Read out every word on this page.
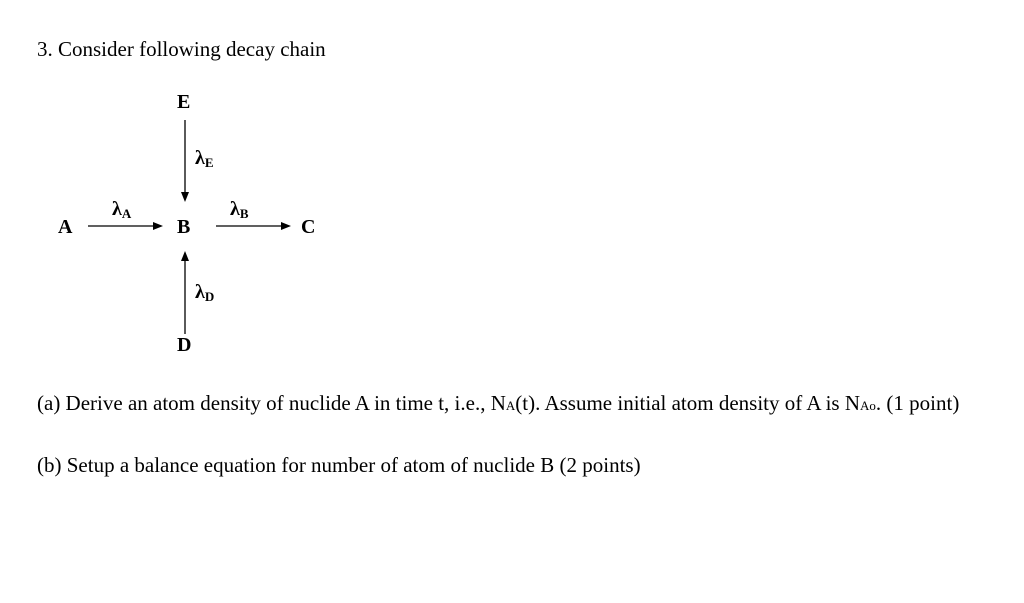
3. Consider following decay chain
E
A	B	C
D
$\lambda_E$
$\lambda_A$	$\lambda_B$
$\lambda_D$
(a) Derive an atom density of nuclide A in time t, i.e., NA(t). Assume initial atom density of A is NAo. (1 point)
(b) Setup a balance equation for number of atom of nuclide B (2 points)
